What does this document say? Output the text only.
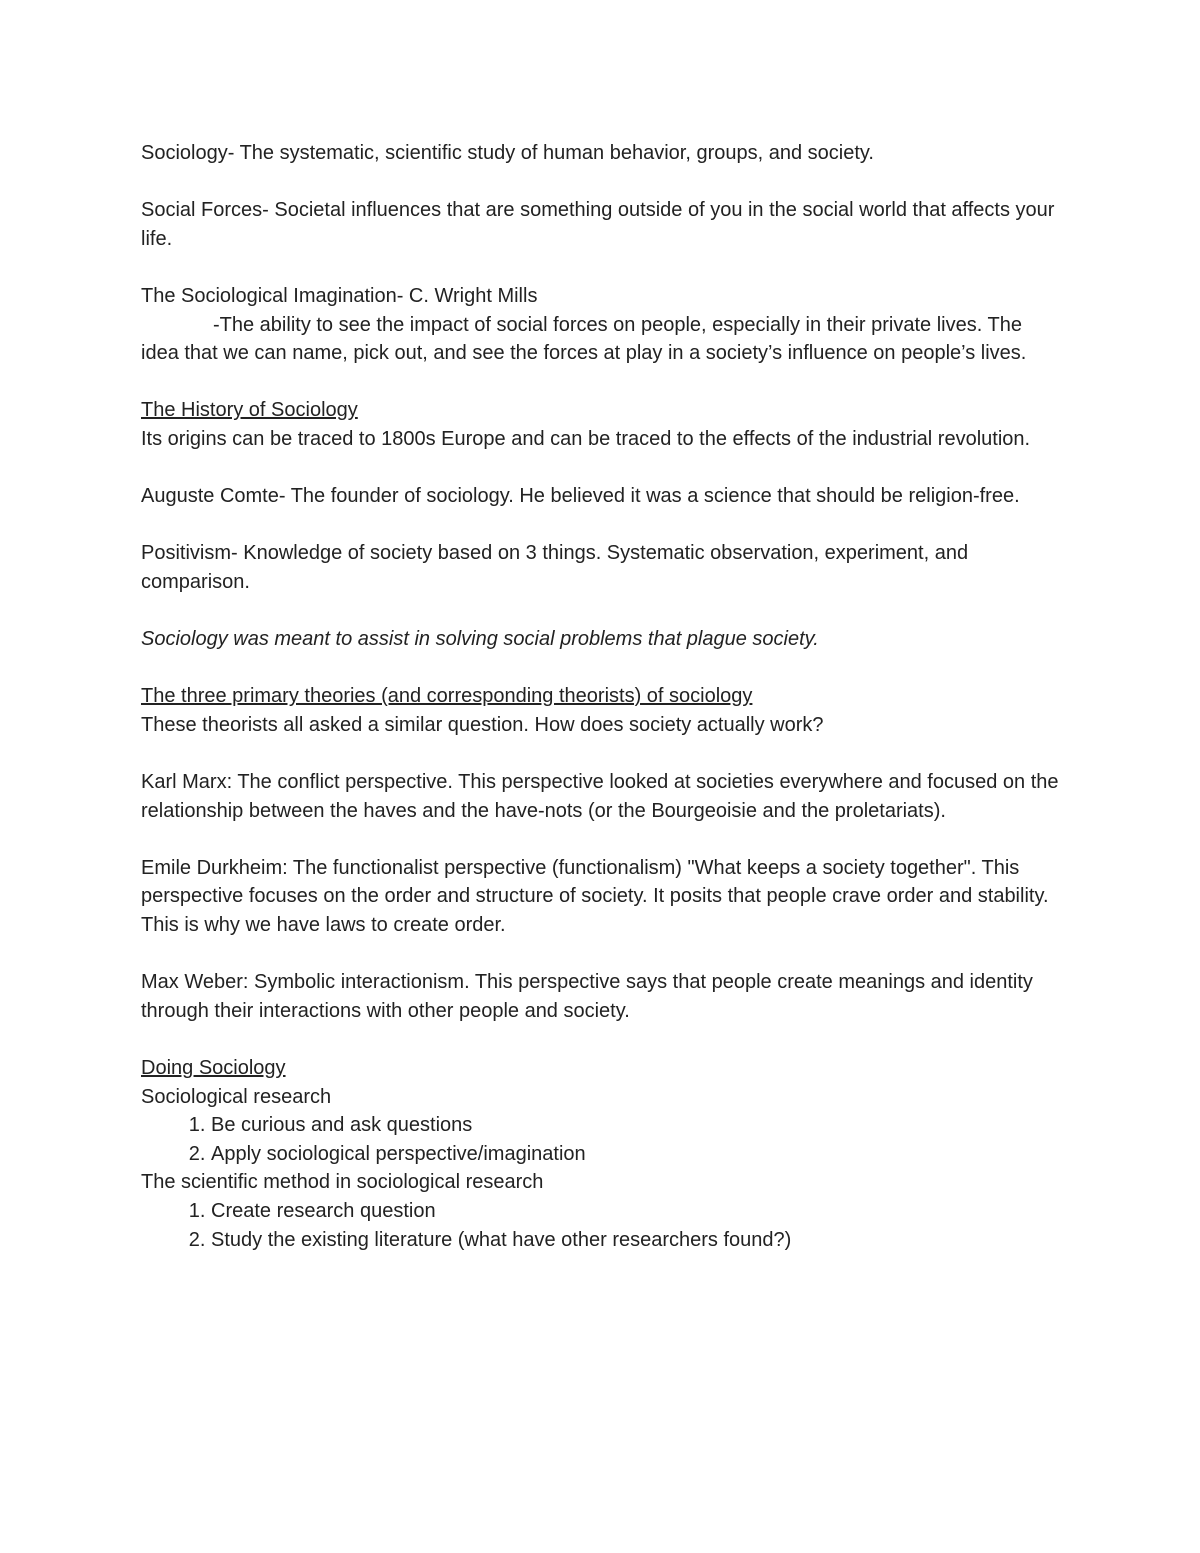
Sociology- The systematic, scientific study of human behavior, groups, and society.

Social Forces- Societal influences that are something outside of you in the social world that affects your life.

The Sociological Imagination- C. Wright Mills

-The ability to see the impact of social forces on people, especially in their private lives. The idea that we can name, pick out, and see the forces at play in a society’s influence on people’s lives.

The History of Sociology
Its origins can be traced to 1800s Europe and can be traced to the effects of the industrial revolution.

Auguste Comte- The founder of sociology. He believed it was a science that should be religion-free.

Positivism- Knowledge of society based on 3 things. Systematic observation, experiment, and comparison.

Sociology was meant to assist in solving social problems that plague society.

The three primary theories (and corresponding theorists) of sociology
These theorists all asked a similar question. How does society actually work?

Karl Marx: The conflict perspective. This perspective looked at societies everywhere and focused on the relationship between the haves and the have-nots (or the Bourgeoisie and the proletariats).

Emile Durkheim: The functionalist perspective (functionalism) "What keeps a society together". This perspective focuses on the order and structure of society. It posits that people crave order and stability. This is why we have laws to create order.

Max Weber: Symbolic interactionism. This perspective says that people create meanings and identity through their interactions with other people and society.

Doing Sociology
Sociological research
1. Be curious and ask questions
2. Apply sociological perspective/imagination
The scientific method in sociological research
1. Create research question
2. Study the existing literature (what have other researchers found?)
